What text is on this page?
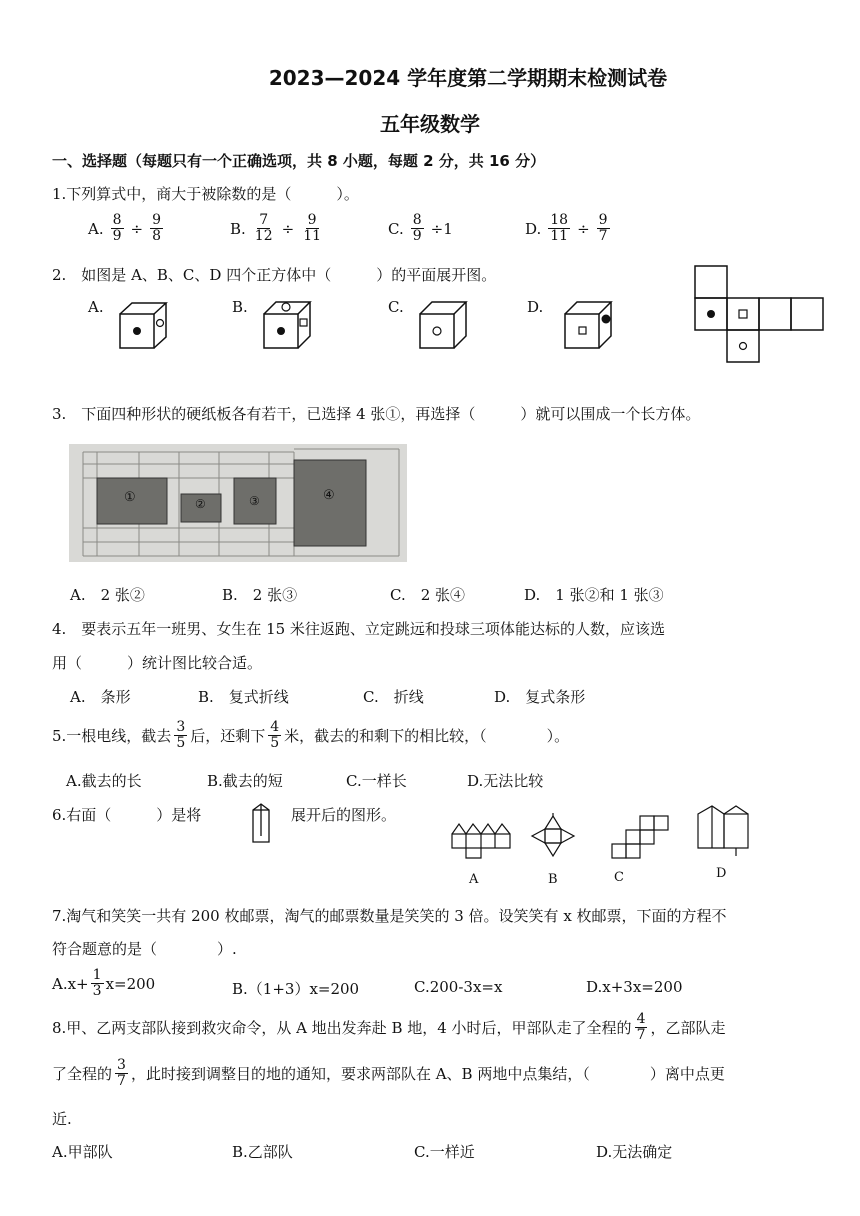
2023—2024 学年度第二学期期末检测试卷
五年级数学
一、选择题（每题只有一个正确选项，共 8 小题，每题 2 分，共 16 分）
1.下列算式中，商大于被除数的是（　　　）。
A. $\frac{8}{9} \div \frac{9}{8}$	B. $\frac{7}{12} \div \frac{9}{11}$	C. $\frac{8}{9} \div 1$	D. $\frac{18}{11} \div \frac{9}{7}$
2.　如图是 A、B、C、D 四个正方体中（　　　）的平面展开图。
A.	B.	C.	D.
3.　下面四种形状的硬纸板各有若干，已选择 4 张①，再选择（　　　）就可以围成一个长方体。
①	②	③	④
A.　2 张②	B.　2 张③	C.　2 张④	D.　1 张②和 1 张③
4.　要表示五年一班男、女生在 15 米往返跑、立定跳远和投球三项体能达标的人数，应该选
用（　　　）统计图比较合适。
A.　条形	B.　复式折线	C.　折线	D.　复式条形
5.一根电线，截去 $\frac{3}{5}$ 后，还剩下 $\frac{4}{5}$ 米，截去的和剩下的相比较，（　　　　）。
A.截去的长	B.截去的短	C.一样长	D.无法比较
6.右面（　　　）是将	展开后的图形。
A	B	C	D
7.淘气和笑笑一共有 200 枚邮票，淘气的邮票数量是笑笑的 3 倍。设笑笑有 x 枚邮票，下面的方程不
符合题意的是（　　　　）.
$A.x+ \frac{1}{3} x=200$	B.（1+3）x=200	C.200-3x=x	D.x+3x=200
8.甲、乙两支部队接到救灾命令，从 A 地出发奔赴 B 地，4 小时后，甲部队走了全程的 $\frac{4}{7}$ ，乙部队走
了全程的 $\frac{3}{7}$ ，此时接到调整目的地的通知，要求两部队在 A、B 两地中点集结，（　　　　）离中点更
近.
A.甲部队	B.乙部队	C.一样近	D.无法确定
